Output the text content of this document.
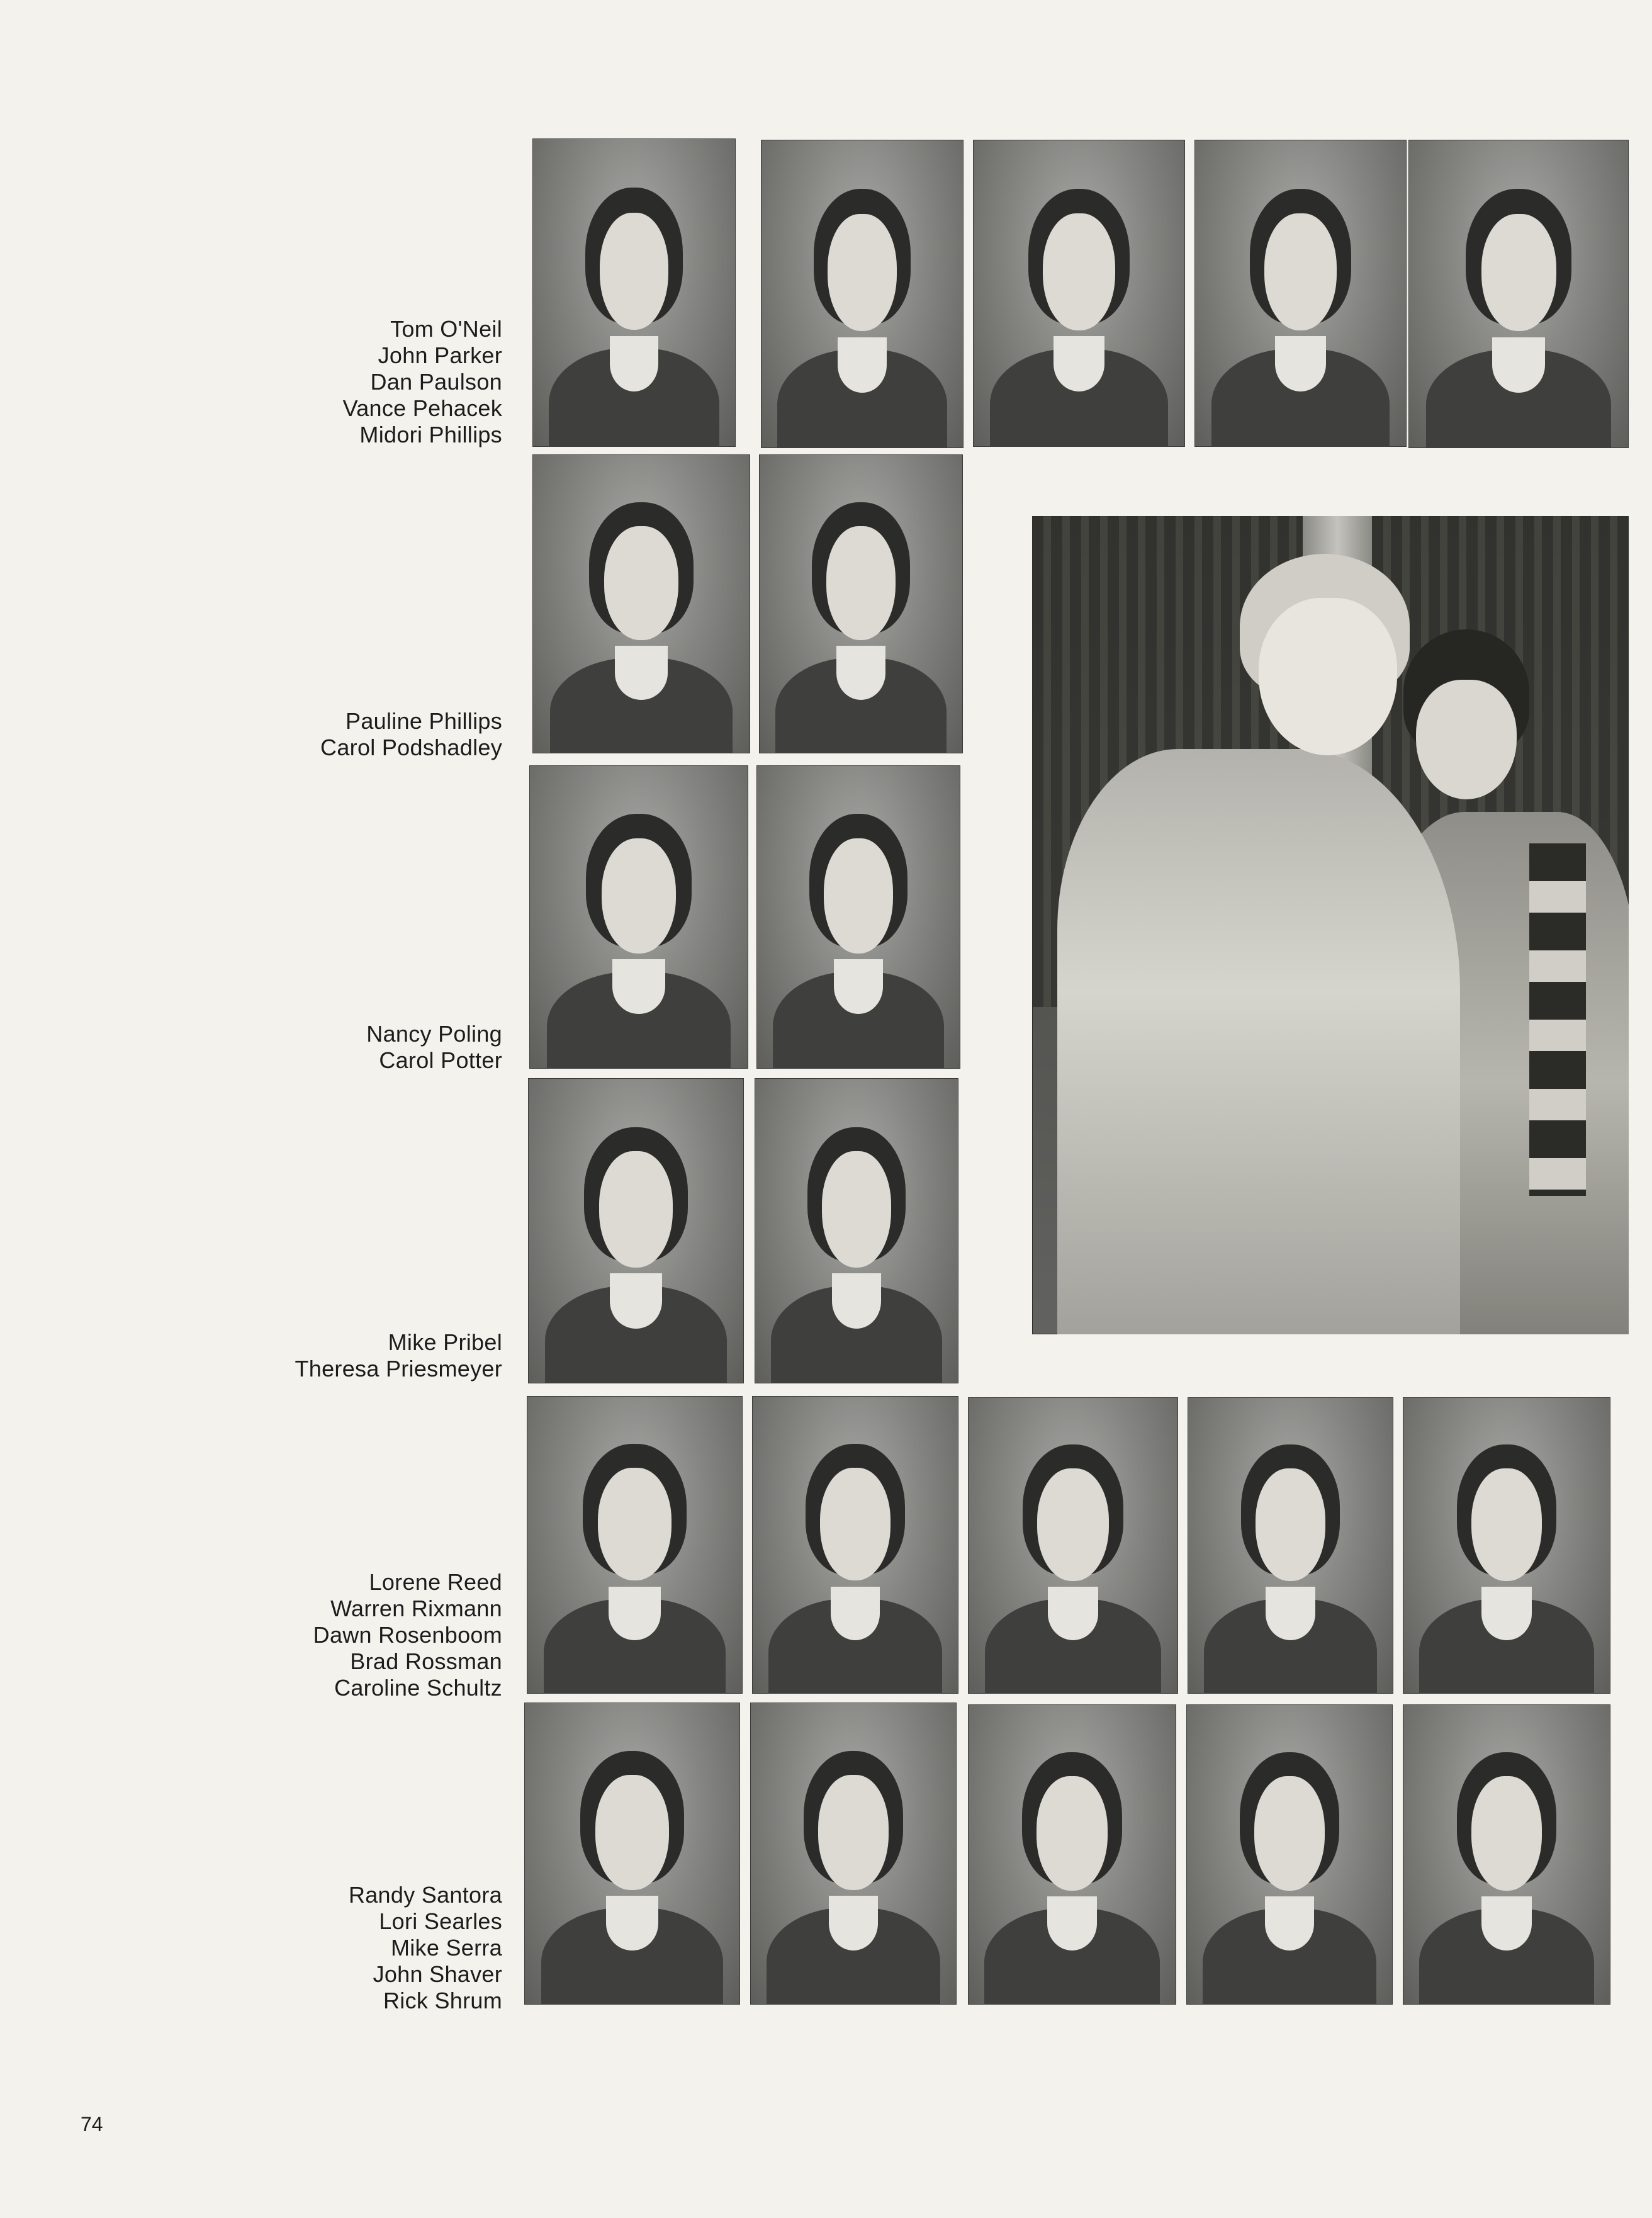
Tom O'Neil
John Parker
Dan Paulson
Vance Pehacek
Midori Phillips
Pauline Phillips
Carol Podshadley
Nancy Poling
Carol Potter
Mike Pribel
Theresa Priesmeyer
Lorene Reed
Warren Rixmann
Dawn Rosenboom
Brad Rossman
Caroline Schultz
Randy Santora
Lori Searles
Mike Serra
John Shaver
Rick Shrum
74
